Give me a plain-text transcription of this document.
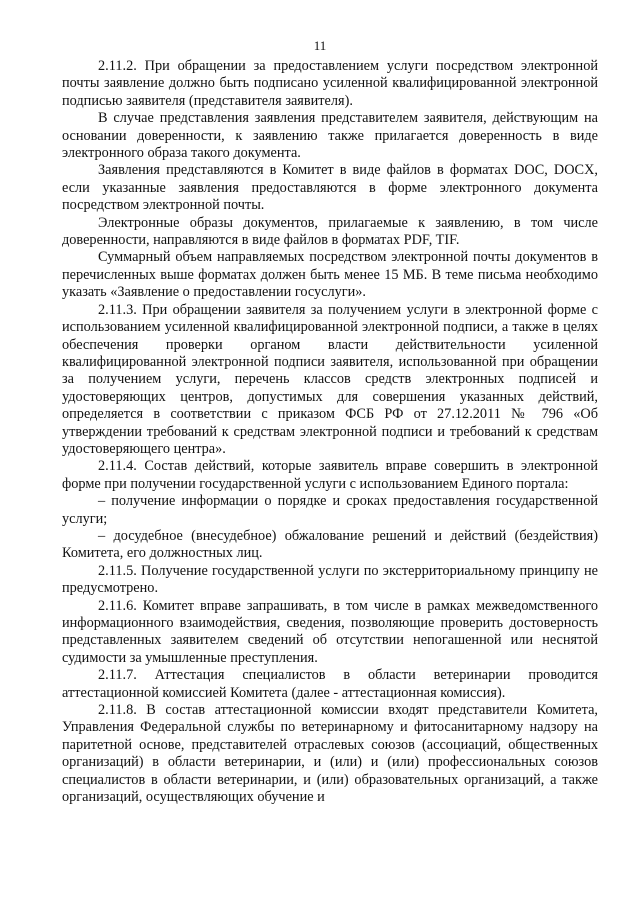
11

2.11.2. При обращении за предоставлением услуги посредством электронной почты заявление должно быть подписано усиленной квалифицированной электронной подписью заявителя (представителя заявителя).

В случае представления заявления представителем заявителя, действующим на основании доверенности, к заявлению также прилагается доверенность в виде электронного образа такого документа.

Заявления представляются в Комитет в виде файлов в форматах DOC, DOCX, если указанные заявления предоставляются в форме электронного документа посредством электронной почты.

Электронные образы документов, прилагаемые к заявлению, в том числе доверенности, направляются в виде файлов в форматах PDF, TIF.

Суммарный объем направляемых посредством электронной почты документов в перечисленных выше форматах должен быть менее 15 МБ. В теме письма необходимо указать «Заявление о предоставлении госуслуги».

2.11.3. При обращении заявителя за получением услуги в электронной форме с использованием усиленной квалифицированной электронной подписи, а также в целях обеспечения проверки органом власти действительности усиленной квалифицированной электронной подписи заявителя, использованной при обращении за получением услуги, перечень классов средств электронных подписей и удостоверяющих центров, допустимых для совершения указанных действий, определяется в соответствии с приказом ФСБ РФ от 27.12.2011 № 796 «Об утверждении требований к средствам электронной подписи и требований к средствам удостоверяющего центра».

2.11.4. Состав действий, которые заявитель вправе совершить в электронной форме при получении государственной услуги с использованием Единого портала:

– получение информации о порядке и сроках предоставления государственной услуги;

– досудебное (внесудебное) обжалование решений и действий (бездействия) Комитета, его должностных лиц.

2.11.5. Получение государственной услуги по экстерриториальному принципу не предусмотрено.

2.11.6. Комитет вправе запрашивать, в том числе в рамках межведомственного информационного взаимодействия, сведения, позволяющие проверить достоверность представленных заявителем сведений об отсутствии непогашенной или неснятой судимости за умышленные преступления.

2.11.7. Аттестация специалистов в области ветеринарии проводится аттестационной комиссией Комитета (далее - аттестационная комиссия).

2.11.8. В состав аттестационной комиссии входят представители Комитета, Управления Федеральной службы по ветеринарному и фитосанитарному надзору на паритетной основе, представителей отраслевых союзов (ассоциаций, общественных организаций) в области ветеринарии, и (или) и (или) профессиональных союзов специалистов в области ветеринарии, и (или) образовательных организаций, а также организаций, осуществляющих обучение и
